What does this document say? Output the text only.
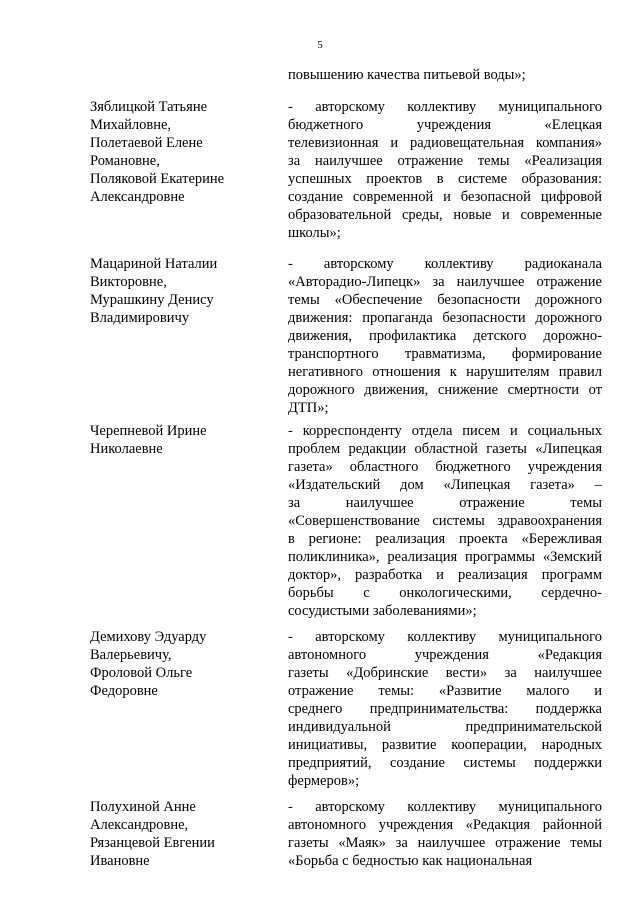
5
повышению качества питьевой воды»;
Зяблицкой Татьяне
Михайловне,
Полетаевой Елене
Романовне,
Поляковой Екатерине
Александровне
- авторскому коллективу муниципального
бюджетного учреждения «Елецкая
телевизионная и радиовещательная компания»
за наилучшее отражение темы «Реализация
успешных проектов в системе образования:
создание современной и безопасной цифровой
образовательной среды, новые и современные
школы»;
Мацариной Наталии
Викторовне,
Мурашкину Денису
Владимировичу
- авторскому коллективу радиоканала
«Авторадио-Липецк» за наилучшее отражение
темы «Обеспечение безопасности дорожного
движения: пропаганда безопасности дорожного
движения, профилактика детского дорожно-
транспортного травматизма, формирование
негативного отношения к нарушителям правил
дорожного движения, снижение смертности от
ДТП»;
Черепневой Ирине
Николаевне
- корреспонденту отдела писем и социальных
проблем редакции областной газеты «Липецкая
газета» областного бюджетного учреждения
«Издательский дом «Липецкая газета» –
за наилучшее отражение темы
«Совершенствование системы здравоохранения
в регионе: реализация проекта «Бережливая
поликлиника», реализация программы «Земский
доктор», разработка и реализация программ
борьбы с онкологическими, сердечно-
сосудистыми заболеваниями»;
Демихову Эдуарду
Валерьевичу,
Фроловой Ольге
Федоровне
- авторскому коллективу муниципального
автономного учреждения «Редакция
газеты «Добринские вести» за наилучшее
отражение темы: «Развитие малого и
среднего предпринимательства: поддержка
индивидуальной предпринимательской
инициативы, развитие кооперации, народных
предприятий, создание системы поддержки
фермеров»;
Полухиной Анне
Александровне,
Рязанцевой Евгении
Ивановне
- авторскому коллективу муниципального
автономного учреждения «Редакция районной
газеты «Маяк» за наилучшее отражение темы
«Борьба с бедностью как национальная
